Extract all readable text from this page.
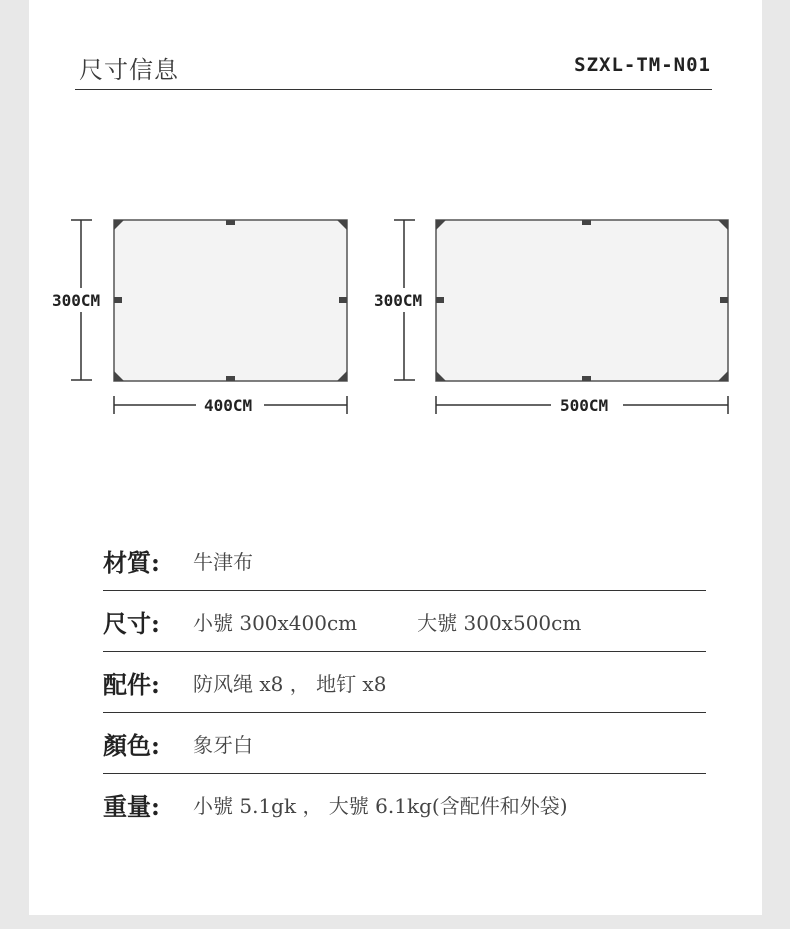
尺寸信息	SZXL-TM-N01
300CM
400CM
300CM
500CM
材質:	牛津布
尺寸:	小號 300x400cm	大號 300x500cm
配件:	防风绳 x8 ， 地钉 x8
顏色:	象牙白
重量:	小號 5.1gk ， 大號 6.1kg(含配件和外袋)
